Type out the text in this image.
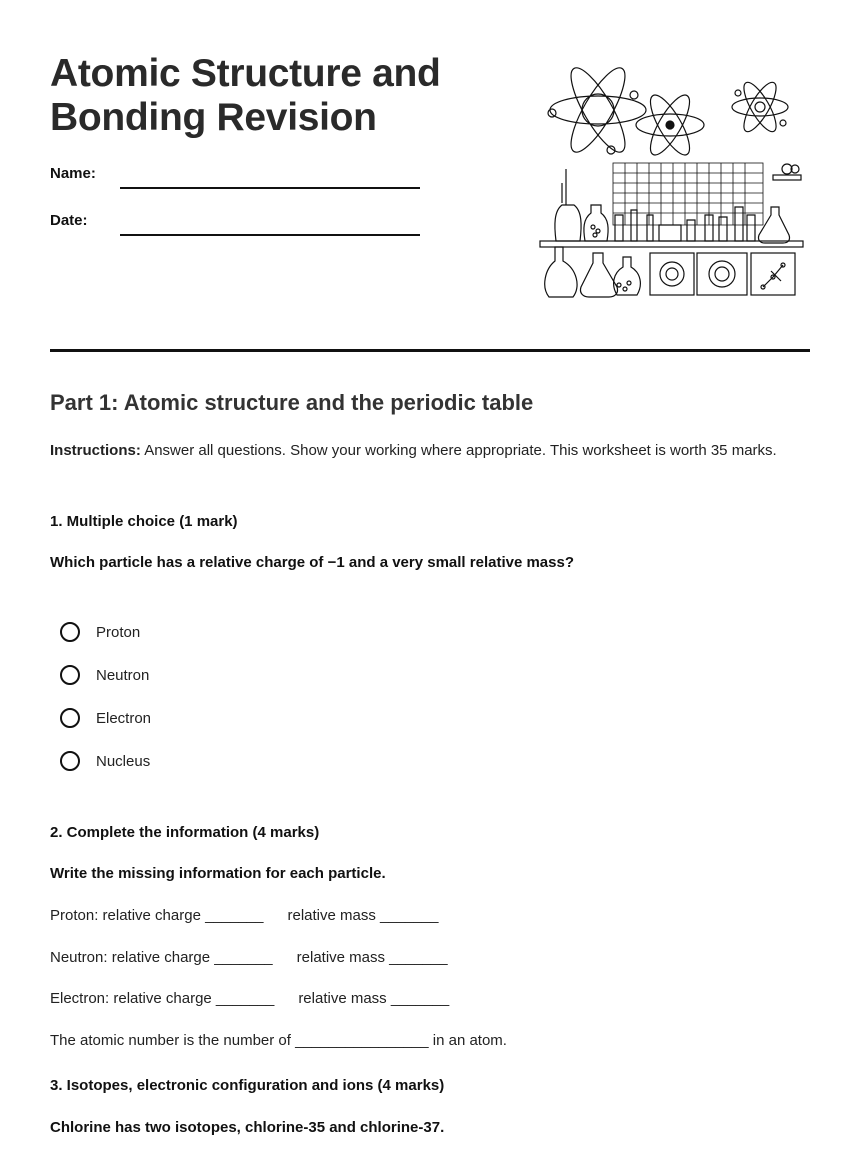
Atomic Structure and
Bonding Revision
Name:
Date:
Part 1: Atomic structure and the periodic table

Instructions: Answer all questions. Show your working where appropriate. This worksheet is worth 35 marks.

1. Multiple choice (1 mark)

Which particle has a relative charge of −1 and a very small relative mass?

Proton
Neutron
Electron
Nucleus

2. Complete the information (4 marks)

Write the missing information for each particle.

Proton: relative charge _______ relative mass _______

Neutron: relative charge _______ relative mass _______

Electron: relative charge _______ relative mass _______

The atomic number is the number of ________________ in an atom.

3. Isotopes, electronic configuration and ions (4 marks)

Chlorine has two isotopes, chlorine-35 and chlorine-37.
